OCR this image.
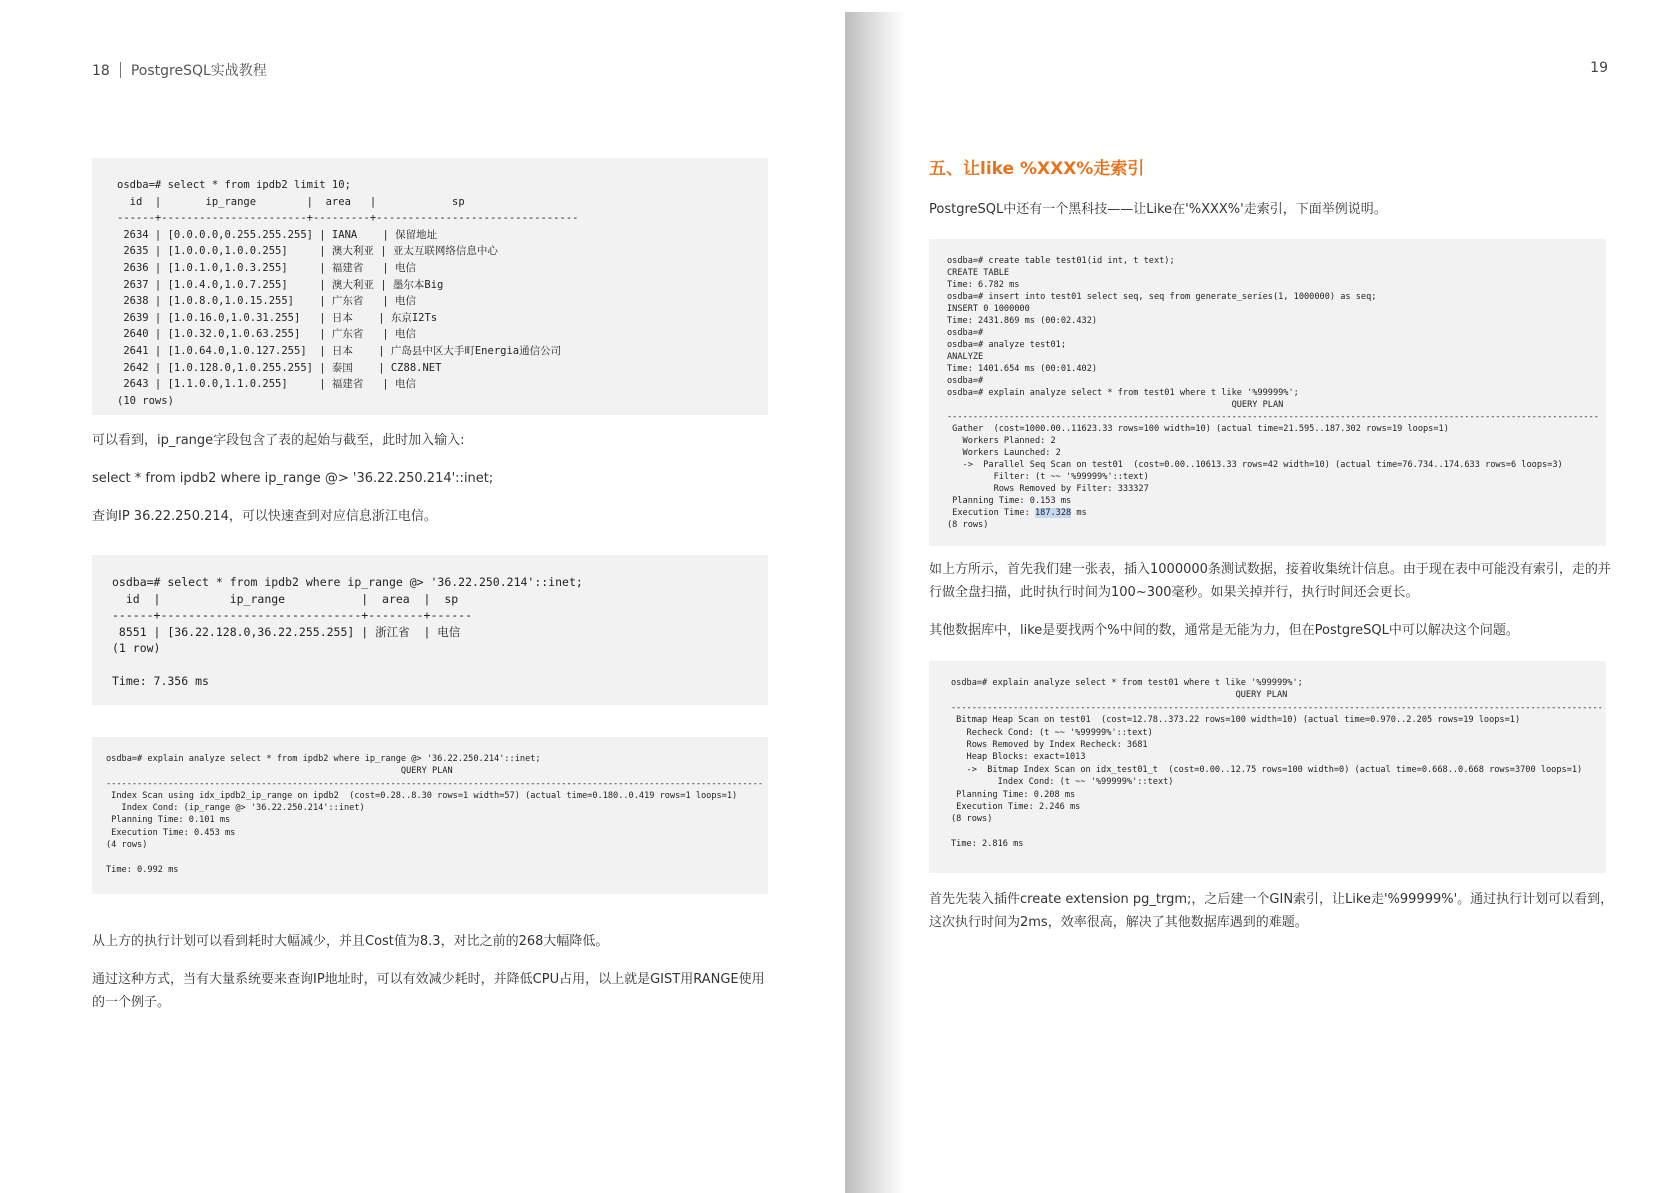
18 PostgreSQL实战教程
osdba=# select * from ipdb2 limit 10;
id  |       ip_range        |  area   |            sp
------+-----------------------+---------+--------------------------------
2634 | [0.0.0.0,0.255.255.255] | IANA    | 保留地址
2635 | [1.0.0.0,1.0.0.255]     | 澳大利亚 | 亚太互联网络信息中心
2636 | [1.0.1.0,1.0.3.255]     | 福建省   | 电信
2637 | [1.0.4.0,1.0.7.255]     | 澳大利亚 | 墨尔本Big
2638 | [1.0.8.0,1.0.15.255]    | 广东省   | 电信
2639 | [1.0.16.0,1.0.31.255]   | 日本    | 东京I2Ts
2640 | [1.0.32.0,1.0.63.255]   | 广东省   | 电信
2641 | [1.0.64.0,1.0.127.255]  | 日本    | 广岛县中区大手町Energia通信公司
2642 | [1.0.128.0,1.0.255.255] | 泰国    | CZ88.NET
2643 | [1.1.0.0,1.1.0.255]     | 福建省   | 电信
(10 rows)

可以看到，ip_range字段包含了表的起始与截至，此时加入输入:

select * from ipdb2 where ip_range @> '36.22.250.214'::inet;

查询IP 36.22.250.214，可以快速查到对应信息浙江电信。

osdba=# select * from ipdb2 where ip_range @> '36.22.250.214'::inet;
id  |          ip_range           |  area  |  sp
------+-----------------------------+--------+------
8551 | [36.22.128.0,36.22.255.255] | 浙江省  | 电信
(1 row)

Time: 7.356 ms
osdba=# explain analyze select * from ipdb2 where ip_range @> '36.22.250.214'::inet;
QUERY PLAN
-------------------------------------------------------------------------------------------------------------------------------
Index Scan using idx_ipdb2_ip_range on ipdb2  (cost=0.28..8.30 rows=1 width=57) (actual time=0.180..0.419 rows=1 loops=1)
Index Cond: (ip_range @> '36.22.250.214'::inet)
Planning Time: 0.101 ms
Execution Time: 0.453 ms
(4 rows)

Time: 0.992 ms

从上方的执行计划可以看到耗时大幅减少，并且Cost值为8.3，对比之前的268大幅降低。

通过这种方式，当有大量系统要来查询IP地址时，可以有效减少耗时，并降低CPU占用，以上就是GIST用RANGE使用的一个例子。

19
五、让like %XXX%走索引

PostgreSQL中还有一个黑科技——让Like在'%XXX%'走索引，下面举例说明。

osdba=# create table test01(id int, t text);
CREATE TABLE
Time: 6.782 ms
osdba=# insert into test01 select seq, seq from generate_series(1, 1000000) as seq;
INSERT 0 1000000
Time: 2431.869 ms (00:02.432)
osdba=#
osdba=# analyze test01;
ANALYZE
Time: 1401.654 ms (00:01.402)
osdba=#
osdba=# explain analyze select * from test01 where t like '%99999%';
QUERY PLAN
------------------------------------------------------------------------------------------------------------------------------
Gather  (cost=1000.00..11623.33 rows=100 width=10) (actual time=21.595..187.302 rows=19 loops=1)
Workers Planned: 2
Workers Launched: 2
->  Parallel Seq Scan on test01  (cost=0.00..10613.33 rows=42 width=10) (actual time=76.734..174.633 rows=6 loops=3)
Filter: (t ~~ '%99999%'::text)
Rows Removed by Filter: 333327
Planning Time: 0.153 ms
Execution Time: 187.328 ms
(8 rows)

如上方所示，首先我们建一张表，插入1000000条测试数据，接着收集统计信息。由于现在表中可能没有索引，走的并行做全盘扫描，此时执行时间为100~300毫秒。如果关掉并行，执行时间还会更长。

其他数据库中，like是要找两个%中间的数，通常是无能为力，但在PostgreSQL中可以解决这个问题。

osdba=# explain analyze select * from test01 where t like '%99999%';
QUERY PLAN
------------------------------------------------------------------------------------------------------------------------------
Bitmap Heap Scan on test01  (cost=12.78..373.22 rows=100 width=10) (actual time=0.970..2.205 rows=19 loops=1)
Recheck Cond: (t ~~ '%99999%'::text)
Rows Removed by Index Recheck: 3681
Heap Blocks: exact=1013
->  Bitmap Index Scan on idx_test01_t  (cost=0.00..12.75 rows=100 width=0) (actual time=0.668..0.668 rows=3700 loops=1)
Index Cond: (t ~~ '%99999%'::text)
Planning Time: 0.208 ms
Execution Time: 2.246 ms
(8 rows)

Time: 2.816 ms

首先先装入插件create extension pg_trgm;，之后建一个GIN索引，让Like走'%99999%'。通过执行计划可以看到，这次执行时间为2ms，效率很高，解决了其他数据库遇到的难题。
